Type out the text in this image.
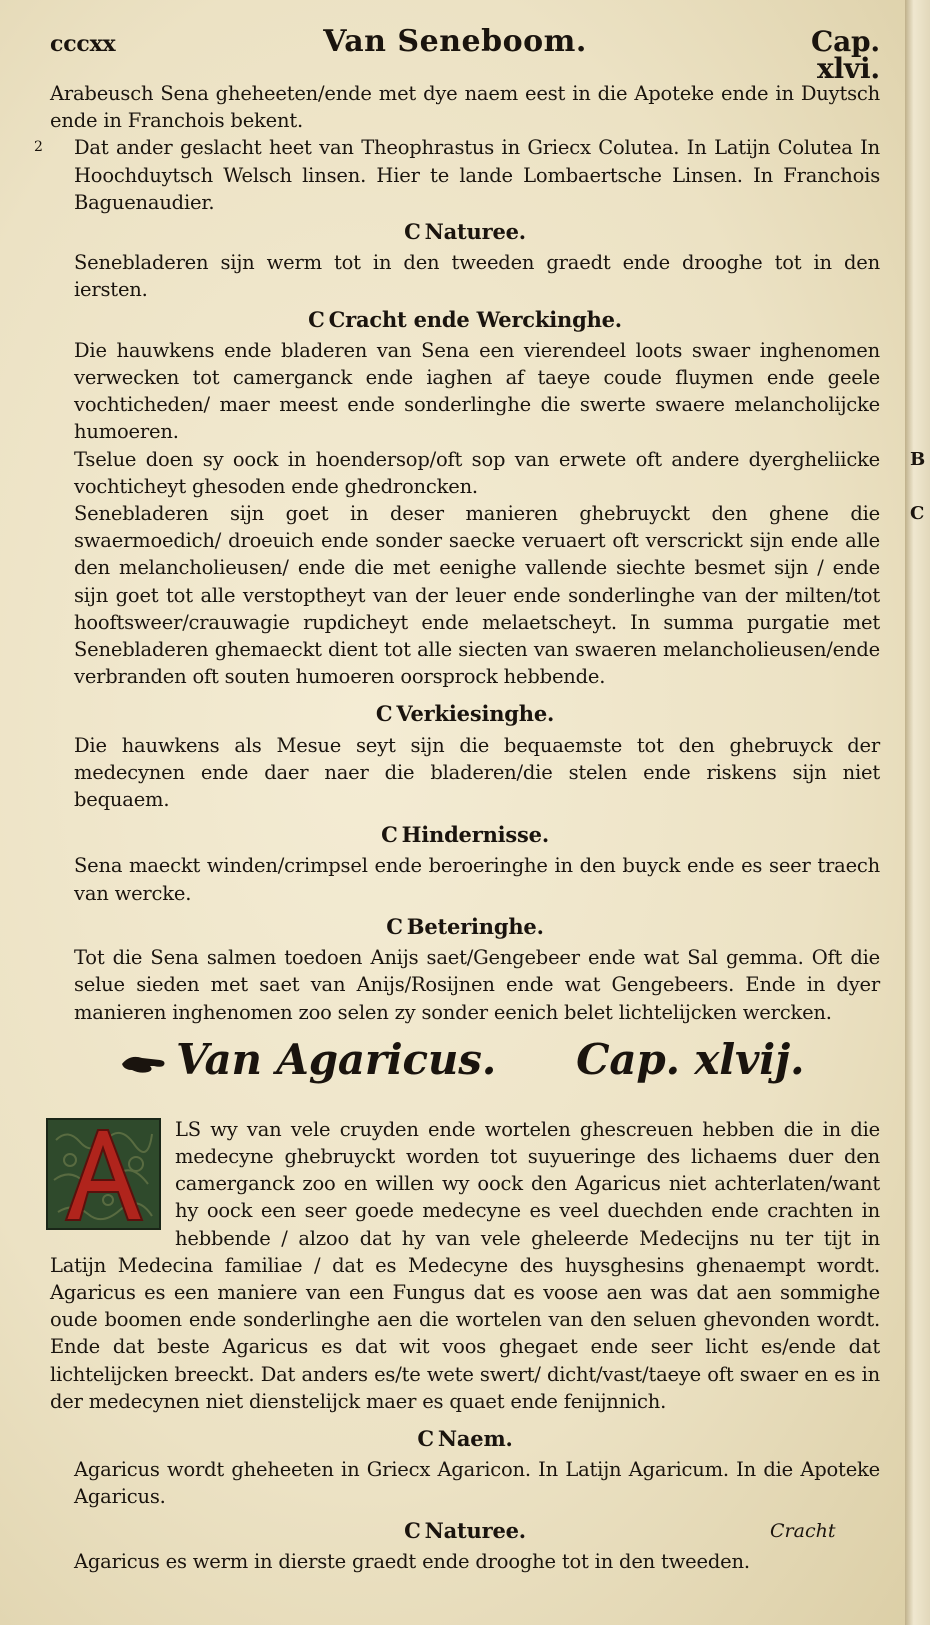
cccxx	Van Seneboom.	Cap. xlvi.

Arabeusch Sena gheheeten/ende met dye naem eest in die Apoteke ende in Duytsch ende in Franchois bekent.

2 Dat ander geslacht heet van Theophrastus in Griecx Colutea. In Latijn Colutea In Hoochduytsch Welsch linsen. Hier te lande Lombaertsche Linsen. In Franchois Baguenaudier.

C Naturee.

Senebladeren sijn werm tot in den tweeden graedt ende drooghe tot in den iersten.

C Cracht ende Werckinghe.

Die hauwkens ende bladeren van Sena een vierendeel loots swaer inghenomen verwecken tot camerganck ende iaghen af taeye coude fluymen ende geele vochticheden/ maer meest ende sonderlinghe die swerte swaere melancholijcke humoeren.

Tselue doen sy oock in hoendersop/oft sop van erwete oft andere dyergheliicke vochticheyt ghesoden ende ghedroncken.
B

Senebladeren sijn goet in deser manieren ghebruyckt den ghene die swaermoedich/ droeuich ende sonder saecke veruaert oft verscrickt sijn ende alle den melancholieusen/ ende die met eenighe vallende siechte besmet sijn / ende sijn goet tot alle verstoptheyt van der leuer ende sonderlinghe van der milten/tot hooftsweer/crauwagie rupdicheyt ende melaetscheyt. In summa purgatie met Senebladeren ghemaeckt dient tot alle siecten van swaeren melancholieusen/ende verbranden oft souten humoeren oorsprock hebbende.
C

C Verkiesinghe.

Die hauwkens als Mesue seyt sijn die bequaemste tot den ghebruyck der medecynen ende daer naer die bladeren/die stelen ende riskens sijn niet bequaem.

C Hindernisse.

Sena maeckt winden/crimpsel ende beroeringhe in den buyck ende es seer traech van wercke.

C Beteringhe.

Tot die Sena salmen toedoen Anijs saet/Gengebeer ende wat Sal gemma. Oft die selue sieden met saet van Anijs/Rosijnen ende wat Gengebeers. Ende in dyer manieren inghenomen zoo selen zy sonder eenich belet lichtelijcken wercken.

Van Agaricus. Cap. xlvij.

LS wy van vele cruyden ende wortelen ghescreuen hebben die in die medecyne ghebruyckt worden tot suyueringe des lichaems duer den camerganck zoo en willen wy oock den Agaricus niet achterlaten/want hy oock een seer goede medecyne es veel duechden ende crachten in hebbende / alzoo dat hy van vele gheleerde Medecijns nu ter tijt in Latijn Medecina familiae / dat es Medecyne des huysghesins ghenaempt wordt. Agaricus es een maniere van een Fungus dat es voose aen was dat aen sommighe oude boomen ende sonderlinghe aen die wortelen van den seluen ghevonden wordt. Ende dat beste Agaricus es dat wit voos ghegaet ende seer licht es/ende dat lichtelijcken breeckt. Dat anders es/te wete swert/ dicht/vast/taeye oft swaer en es in der medecynen niet dienstelijck maer es quaet ende fenijnnich.

C Naem.

Agaricus wordt gheheeten in Griecx Agaricon. In Latijn Agaricum. In die Apoteke Agaricus.

C Naturee.

Agaricus es werm in dierste graedt ende drooghe tot in den tweeden.

Cracht
